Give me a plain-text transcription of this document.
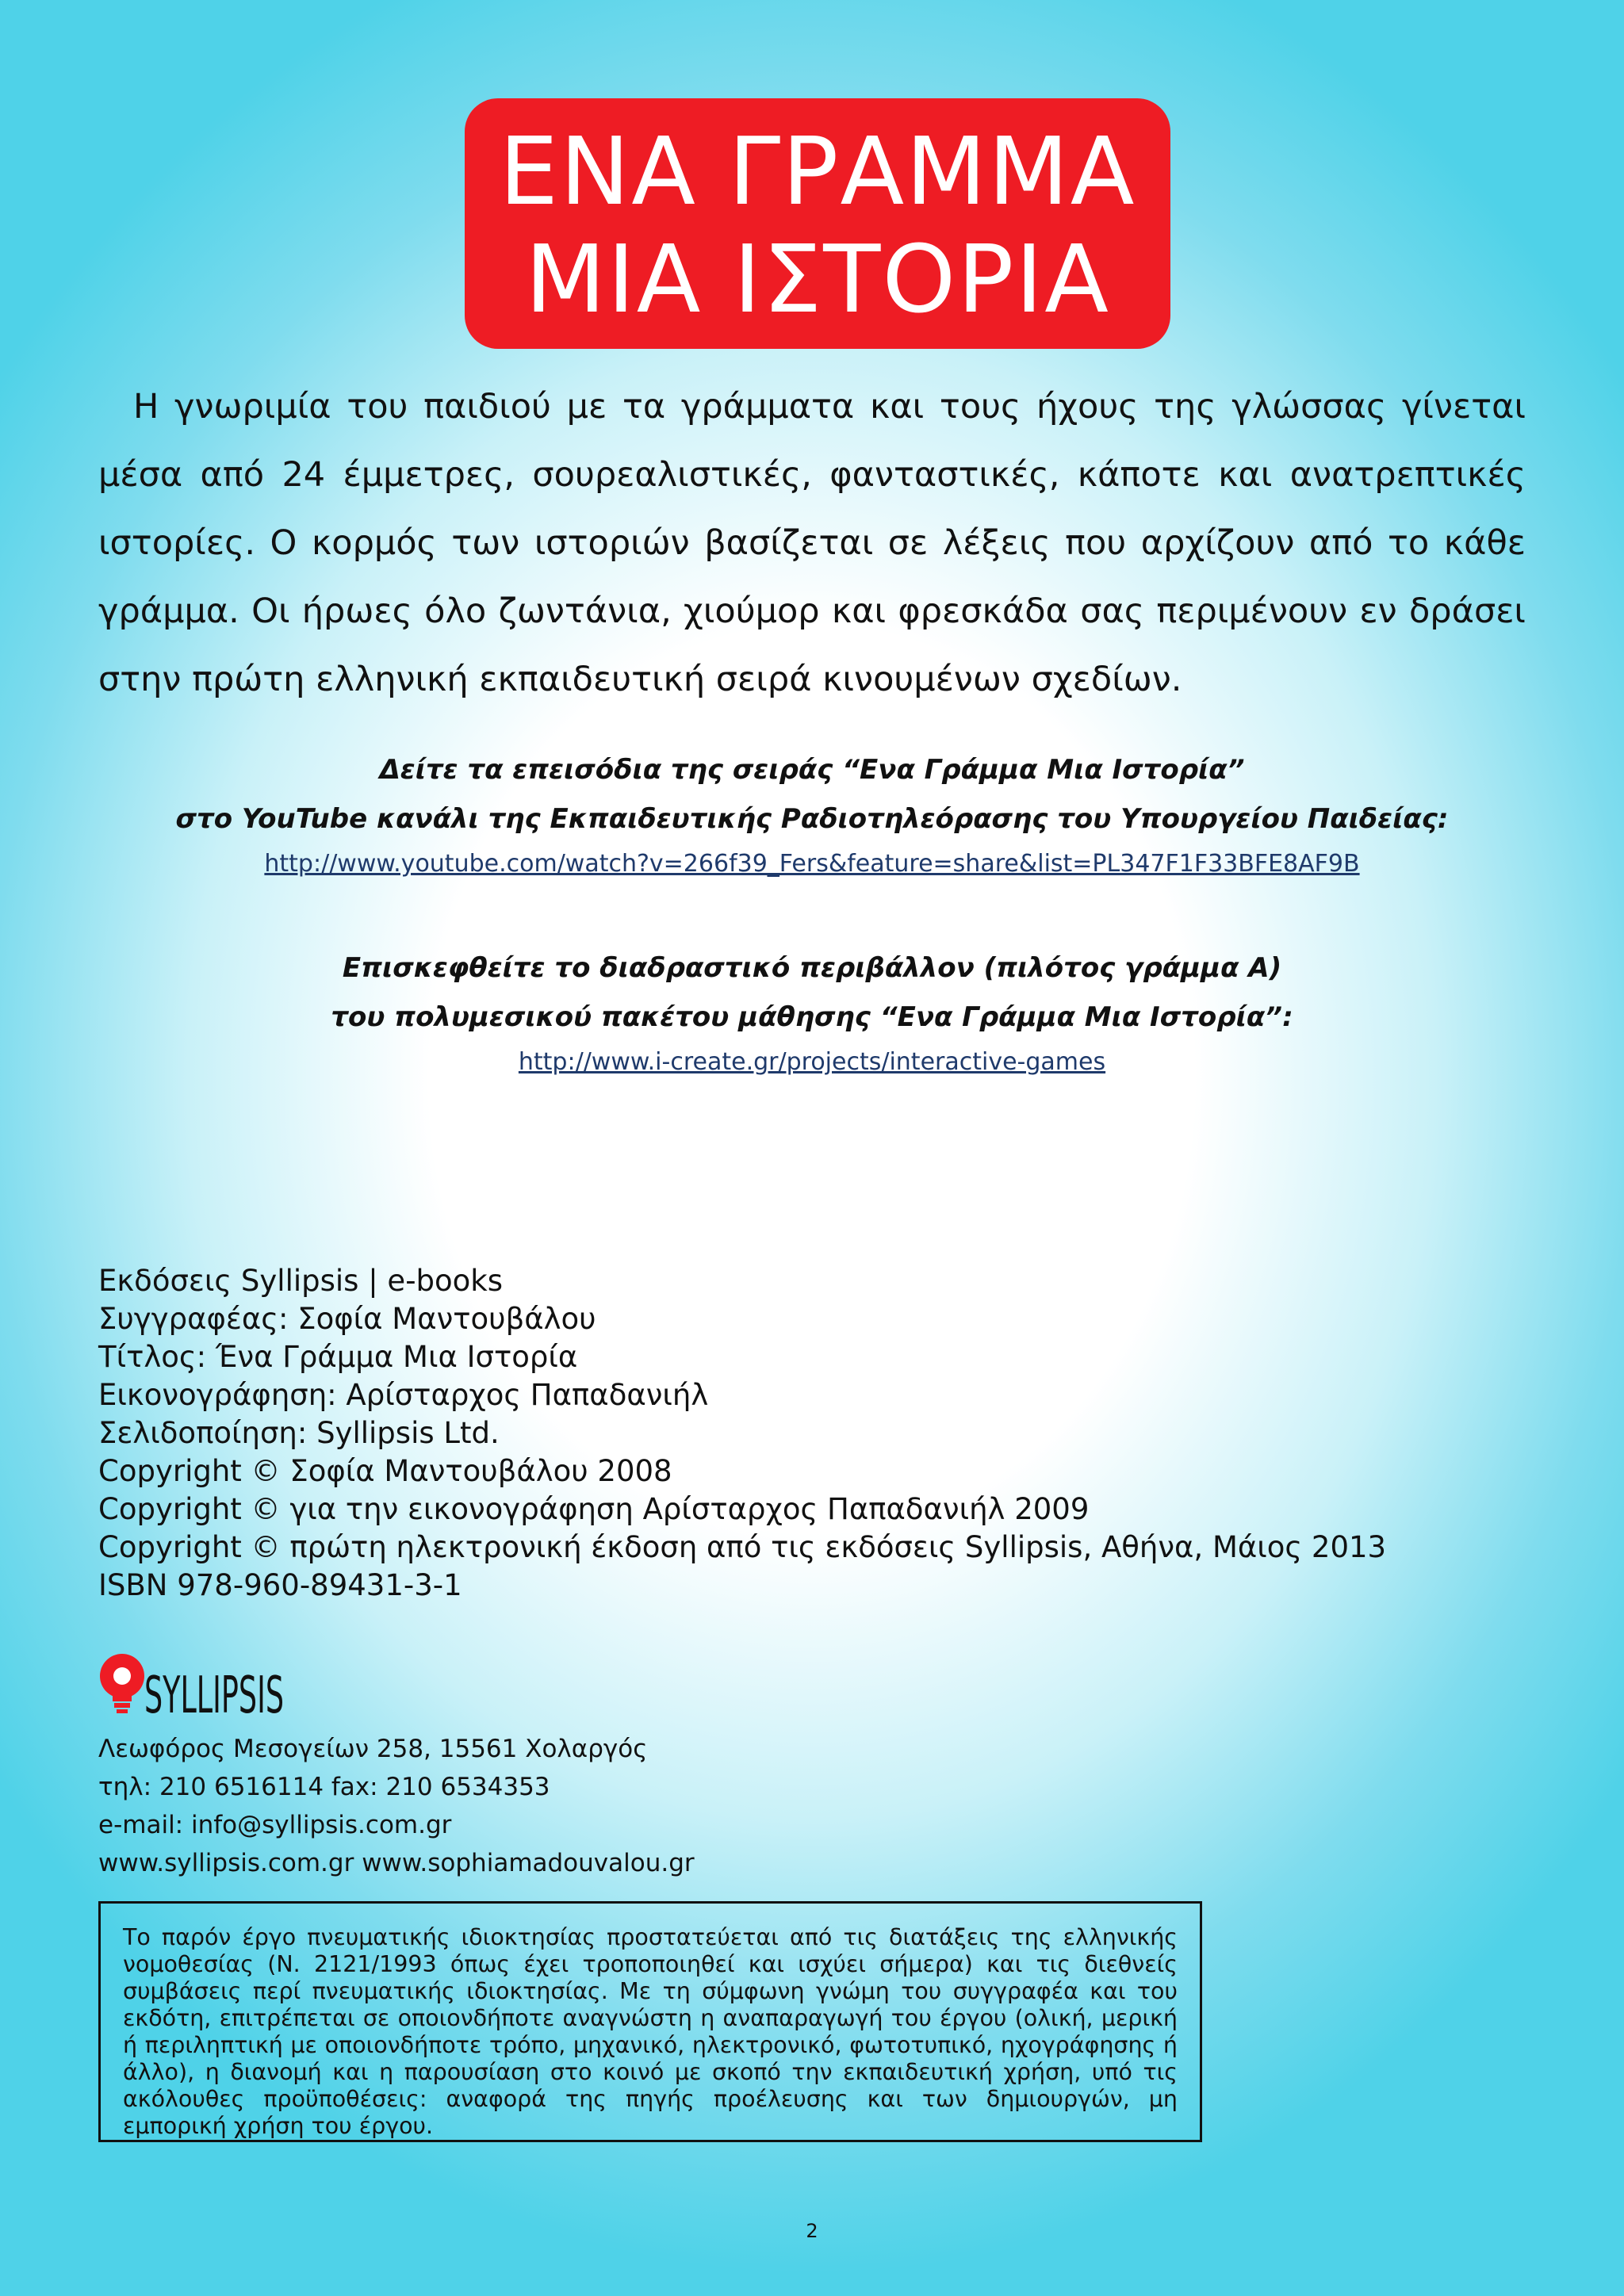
ΕΝΑ ΓΡΑΜΜΑ
ΜΙΑ ΙΣΤΟΡΙΑ

Η γνωριμία του παιδιού με τα γράμματα και τους ήχους της γλώσσας γίνεται μέσα από 24 έμμετρες, σουρεαλιστικές, φανταστικές, κάποτε και ανατρεπτικές ιστορίες. Ο κορμός των ιστοριών βασίζεται σε λέξεις που αρχίζουν από το κάθε γράμμα. Οι ήρωες όλο ζωντάνια, χιούμορ και φρεσκάδα σας περιμένουν εν δράσει στην πρώτη ελληνική εκπαιδευτική σειρά κινουμένων σχεδίων.

Δείτε τα επεισόδια της σειράς “Ενα Γράμμα Μια Ιστορία”
στο YouTube κανάλι της Εκπαιδευτικής Ραδιοτηλεόρασης του Υπουργείου Παιδείας:
http://www.youtube.com/watch?v=266f39_Fers&feature=share&list=PL347F1F33BFE8AF9B
Επισκεφθείτε το διαδραστικό περιβάλλον (πιλότος γράμμα Α)
του πολυμεσικού πακέτου μάθησης “Ενα Γράμμα Μια Ιστορία”:
http://www.i-create.gr/projects/interactive-games
Εκδόσεις Syllipsis | e-books
Συγγραφέας: Σοφία Μαντουβάλου
Τίτλος: Ένα Γράμμα Μια Ιστορία
Εικονογράφηση: Αρίσταρχος Παπαδανιήλ
Σελιδοποίηση: Syllipsis Ltd.
Copyright © Σοφία Μαντουβάλου 2008
Copyright © για την εικονογράφηση Αρίσταρχος Παπαδανιήλ 2009
Copyright © πρώτη ηλεκτρονική έκδοση από τις εκδόσεις Syllipsis, Αθήνα, Μάιος 2013
ISBN 978-960-89431-3-1
SYLLIPSIS
Λεωφόρος Μεσογείων 258, 15561 Χολαργός
τηλ: 210 6516114 fax: 210 6534353
e-mail: info@syllipsis.com.gr
www.syllipsis.com.gr www.sophiamadouvalou.gr
Το παρόν έργο πνευματικής ιδιοκτησίας προστατεύεται από τις διατάξεις της ελληνικής νομοθεσίας (Ν. 2121/1993 όπως έχει τροποποιηθεί και ισχύει σήμερα) και τις διεθνείς συμβάσεις περί πνευματικής ιδιοκτησίας. Με τη σύμφωνη γνώμη του συγγραφέα και του εκδότη, επιτρέπεται σε οποιονδήποτε αναγνώστη η αναπαραγωγή του έργου (ολική, μερική ή περιληπτική με οποιονδήποτε τρόπο, μηχανικό, ηλεκτρονικό, φωτοτυπικό, ηχογράφησης ή άλλο), η διανομή και η παρουσίαση στο κοινό με σκοπό την εκπαιδευτική χρήση, υπό τις ακόλουθες προϋποθέσεις: αναφορά της πηγής προέλευσης και των δημιουργών, μη εμπορική χρήση του έργου.
2
